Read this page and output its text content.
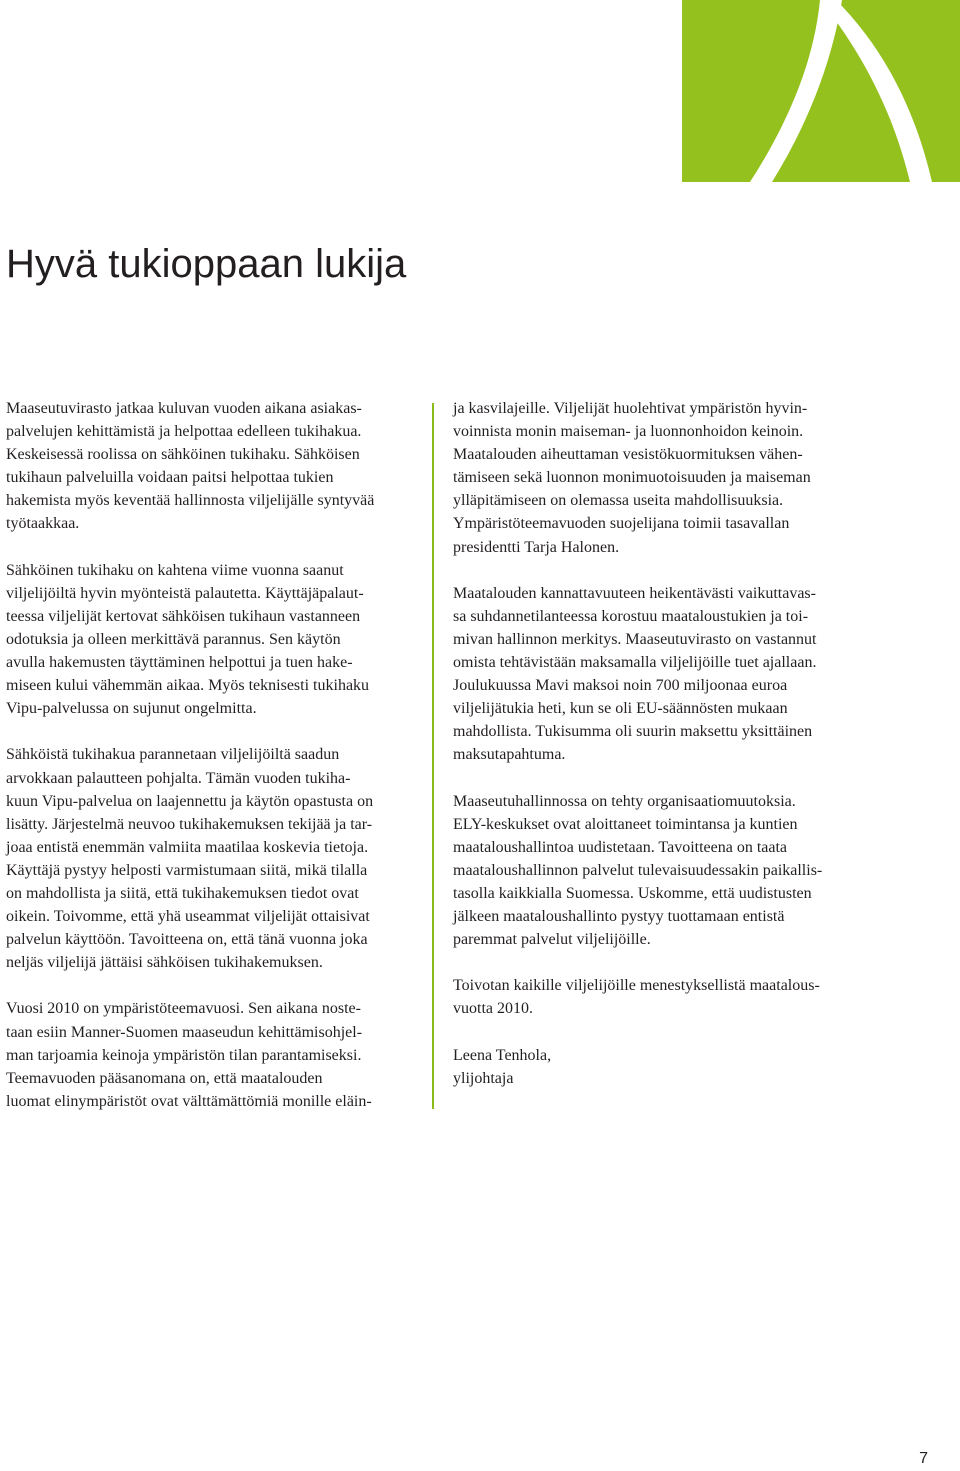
Hyvä tukioppaan lukija

Maaseutuvirasto jatkaa kuluvan vuoden aikana asiakas-
palvelujen kehittämistä ja helpottaa edelleen tukihakua.
Keskeisessä roolissa on sähköinen tukihaku. Sähköisen
tukihaun palveluilla voidaan paitsi helpottaa tukien
hakemista myös keventää hallinnosta viljelijälle syntyvää
työtaakkaa.

Sähköinen tukihaku on kahtena viime vuonna saanut
viljelijöiltä hyvin myönteistä palautetta. Käyttäjäpalaut-
teessa viljelijät kertovat sähköisen tukihaun vastanneen
odotuksia ja olleen merkittävä parannus. Sen käytön
avulla hakemusten täyttäminen helpottui ja tuen hake-
miseen kului vähemmän aikaa. Myös teknisesti tukihaku
Vipu-palvelussa on sujunut ongelmitta.

Sähköistä tukihakua parannetaan viljelijöiltä saadun
arvokkaan palautteen pohjalta. Tämän vuoden tukiha-
kuun Vipu-palvelua on laajennettu ja käytön opastusta on
lisätty. Järjestelmä neuvoo tukihakemuksen tekijää ja tar-
joaa entistä enemmän valmiita maatilaa koskevia tietoja.
Käyttäjä pystyy helposti varmistumaan siitä, mikä tilalla
on mahdollista ja siitä, että tukihakemuksen tiedot ovat
oikein. Toivomme, että yhä useammat viljelijät ottaisivat
palvelun käyttöön. Tavoitteena on, että tänä vuonna joka
neljäs viljelijä jättäisi sähköisen tukihakemuksen.

Vuosi 2010 on ympäristöteemavuosi. Sen aikana noste-
taan esiin Manner-Suomen maaseudun kehittämisohjel-
man tarjoamia keinoja ympäristön tilan parantamiseksi.
Teemavuoden pääsanomana on, että maatalouden
luomat elinympäristöt ovat välttämättömiä monille eläin-

ja kasvilajeille. Viljelijät huolehtivat ympäristön hyvin-
voinnista monin maiseman- ja luonnonhoidon keinoin.
Maatalouden aiheuttaman vesistökuormituksen vähen-
tämiseen sekä luonnon monimuotoisuuden ja maiseman
ylläpitämiseen on olemassa useita mahdollisuuksia.
Ympäristöteemavuoden suojelijana toimii tasavallan
presidentti Tarja Halonen.

Maatalouden kannattavuuteen heikentävästi vaikuttavas-
sa suhdannetilanteessa korostuu maataloustukien ja toi-
mivan hallinnon merkitys. Maaseutuvirasto on vastannut
omista tehtävistään maksamalla viljelijöille tuet ajallaan.
Joulukuussa Mavi maksoi noin 700 miljoonaa euroa
viljelijätukia heti, kun se oli EU-säännösten mukaan
mahdollista. Tukisumma oli suurin maksettu yksittäinen
maksutapahtuma.

Maaseutuhallinnossa on tehty organisaatiomuutoksia.
ELY-keskukset ovat aloittaneet toimintansa ja kuntien
maataloushallintoa uudistetaan. Tavoitteena on taata
maataloushallinnon palvelut tulevaisuudessakin paikallis-
tasolla kaikkialla Suomessa. Uskomme, että uudistusten
jälkeen maataloushallinto pystyy tuottamaan entistä
paremmat palvelut viljelijöille.

Toivotan kaikille viljelijöille menestyksellistä maatalous-
vuotta 2010.

Leena Tenhola,
ylijohtaja

7
